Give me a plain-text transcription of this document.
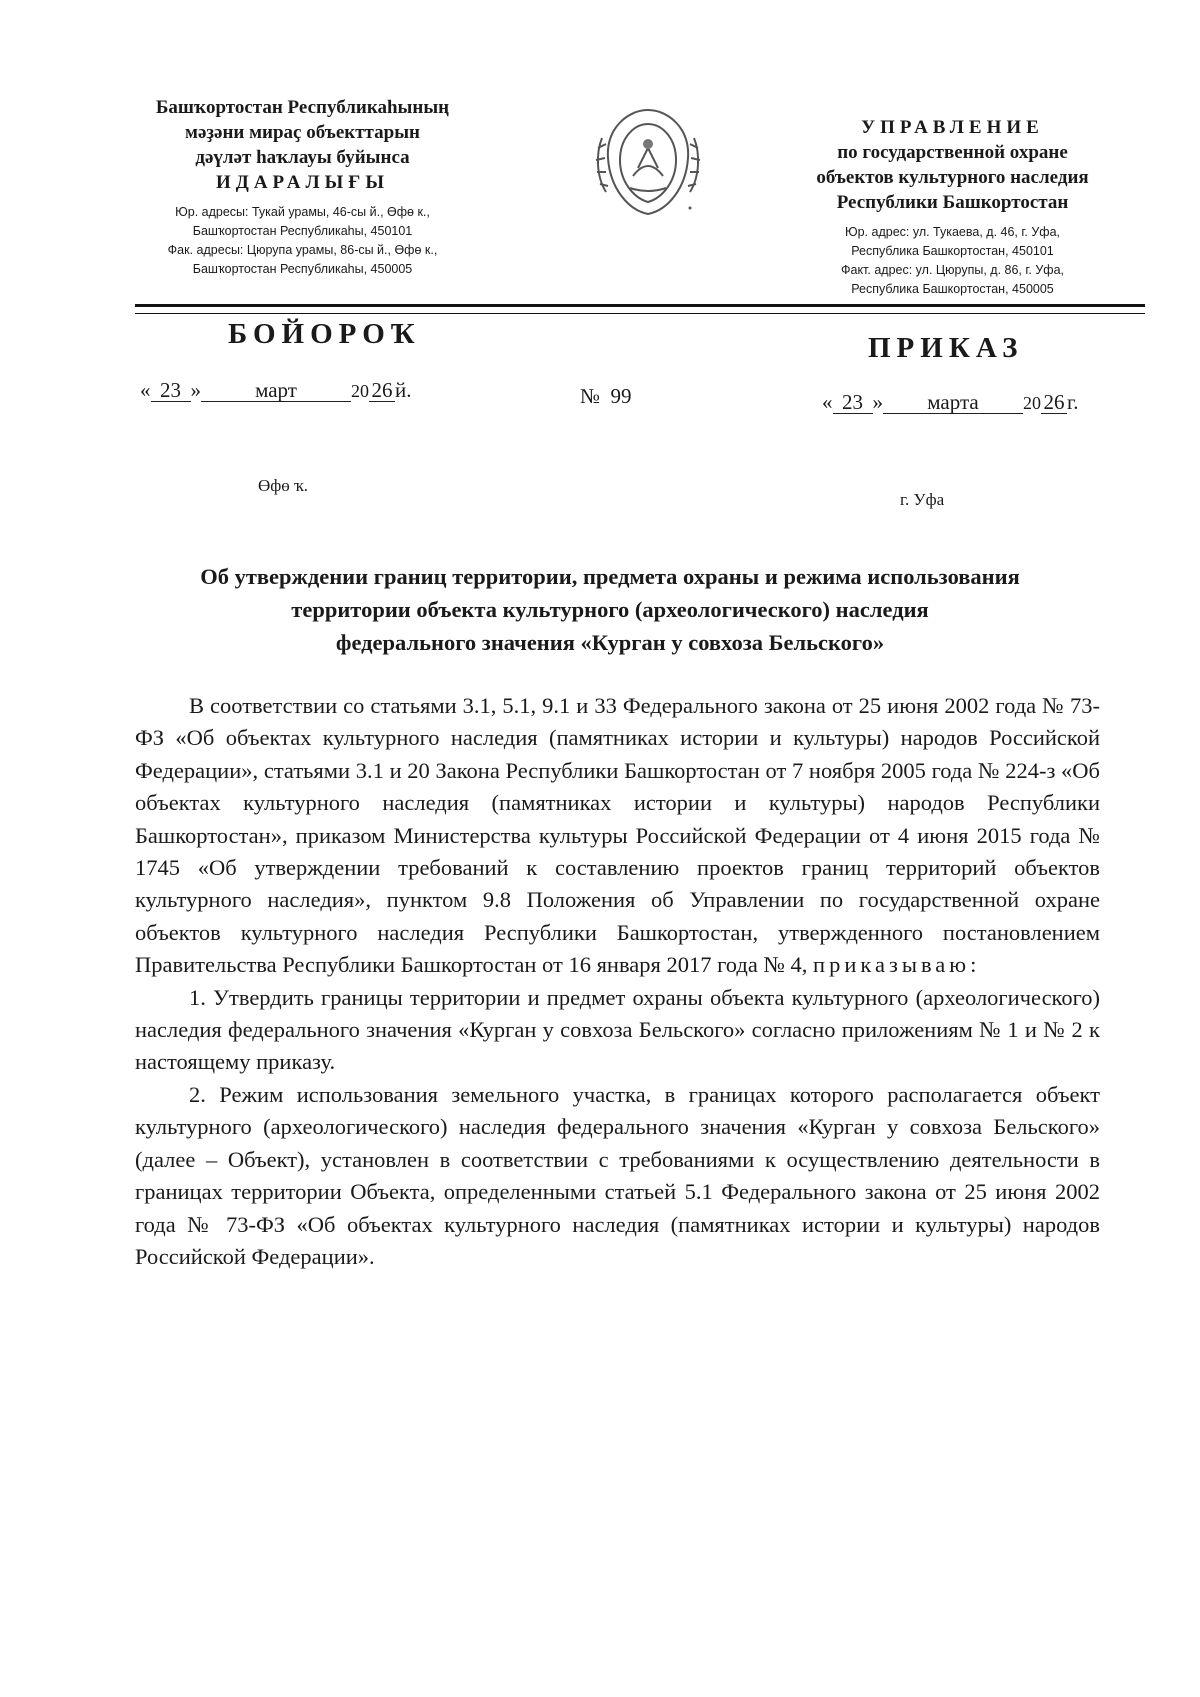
Башҡортостан Республикаһының
мәҙәни мираҫ объекттарын
дәүләт һаҡлауы буйынса
ИДАРАЛЫҒЫ
Юр. адресы: Тукай урамы, 46-сы й., Өфө к.,
Башҡортостан Республикаһы, 450101
Фак. адресы: Цюрупа урамы, 86-сы й., Өфө к.,
Башҡортостан Республикаһы, 450005
УПРАВЛЕНИЕ
по государственной охране
объектов культурного наследия
Республики Башкортостан
Юр. адрес: ул. Тукаева, д. 46, г. Уфа,
Республика Башкортостан, 450101
Факт. адрес: ул. Цюрупы, д. 86, г. Уфа,
Республика Башкортостан, 450005
БОЙОРОҠ	ПРИКАЗ
« 23 »	март	20 26 й.	№ 99	« 23 » марта 20 26 г.
Өфө ҡ.
г. Уфа
Об утверждении границ территории, предмета охраны и режима использования
территории объекта культурного (археологического) наследия
федерального значения «Курган у совхоза Бельского»

В соответствии со статьями 3.1, 5.1, 9.1 и 33 Федерального закона от 25 июня 2002 года № 73-ФЗ «Об объектах культурного наследия (памятниках истории и культуры) народов Российской Федерации», статьями 3.1 и 20 Закона Республики Башкортостан от 7 ноября 2005 года № 224-з «Об объектах культурного наследия (памятниках истории и культуры) народов Республики Башкортостан», приказом Министерства культуры Российской Федерации от 4 июня 2015 года № 1745 «Об утверждении требований к составлению проектов границ территорий объектов культурного наследия», пунктом 9.8 Положения об Управлении по государственной охране объектов культурного наследия Республики Башкортостан, утвержденного постановлением Правительства Республики Башкортостан от 16 января 2017 года № 4, приказываю:

1. Утвердить границы территории и предмет охраны объекта культурного (археологического) наследия федерального значения «Курган у совхоза Бельского» согласно приложениям № 1 и № 2 к настоящему приказу.

2. Режим использования земельного участка, в границах которого располагается объект культурного (археологического) наследия федерального значения «Курган у совхоза Бельского» (далее – Объект), установлен в соответствии с требованиями к осуществлению деятельности в границах территории Объекта, определенными статьей 5.1 Федерального закона от 25 июня 2002 года № 73-ФЗ «Об объектах культурного наследия (памятниках истории и культуры) народов Российской Федерации».
